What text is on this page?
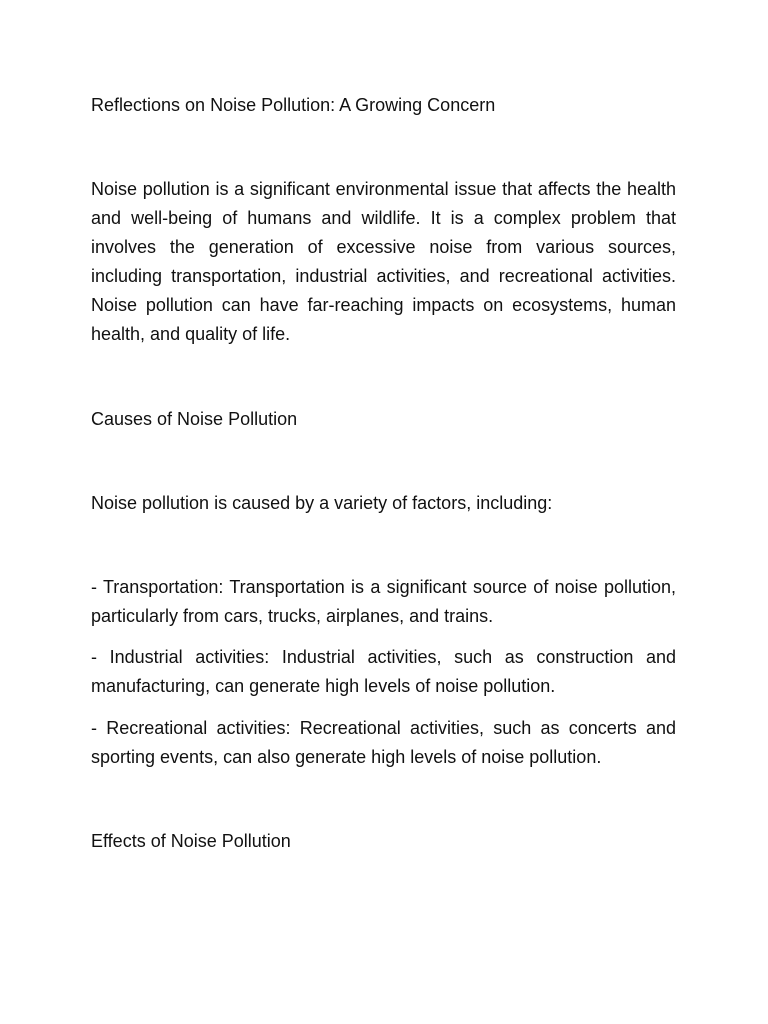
Reflections on Noise Pollution: A Growing Concern

Noise pollution is a significant environmental issue that affects the health and well-being of humans and wildlife. It is a complex problem that involves the generation of excessive noise from various sources, including transportation, industrial activities, and recreational activities. Noise pollution can have far-reaching impacts on ecosystems, human health, and quality of life.

Causes of Noise Pollution

Noise pollution is caused by a variety of factors, including:

- Transportation: Transportation is a significant source of noise pollution, particularly from cars, trucks, airplanes, and trains.

- Industrial activities: Industrial activities, such as construction and manufacturing, can generate high levels of noise pollution.

- Recreational activities: Recreational activities, such as concerts and sporting events, can also generate high levels of noise pollution.

Effects of Noise Pollution
